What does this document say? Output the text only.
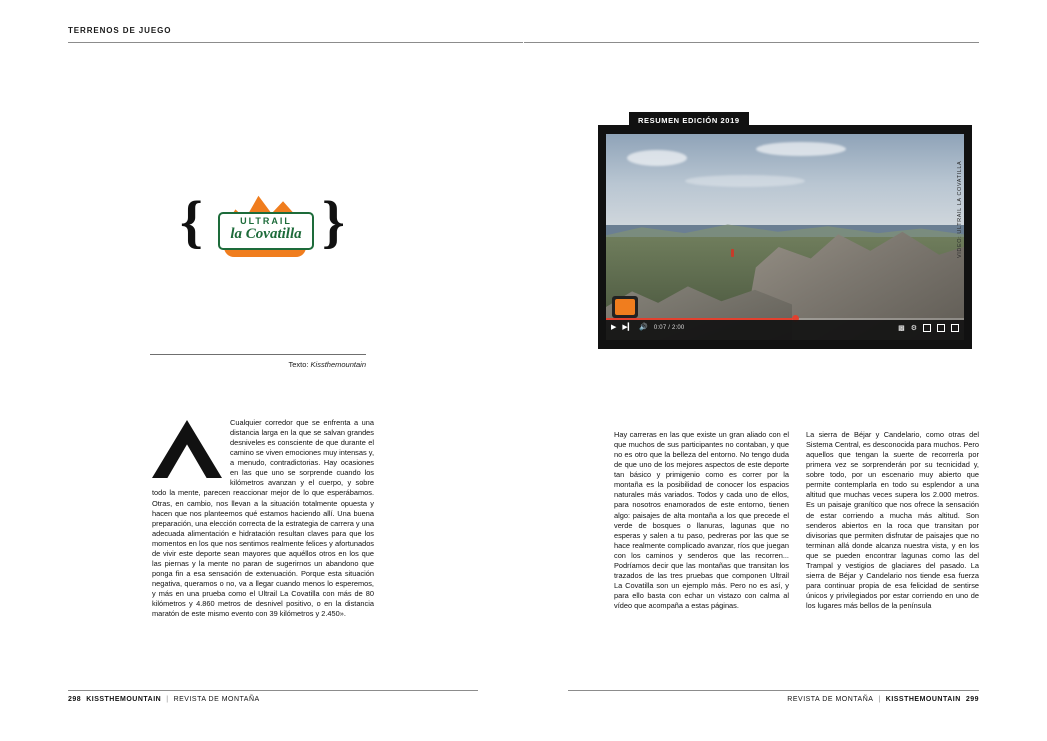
TERRENOS DE JUEGO
{ }
$^{20}$20
ULTRAIL
la Covatilla
Texto: Kissthemountain
RESUMEN EDICIÓN 2019
▶ ▶▎ 🔊 0:07 / 2:00	▩ ⚙
VIDEO: ULTRAIL LA COVATILLA

Cualquier corredor que se enfrenta a una distancia larga en la que se salvan grandes desniveles es consciente de que durante el camino se viven emociones muy intensas y, a menudo, contradictorias. Hay ocasiones en las que uno se sorprende cuando los kilómetros avanzan y el cuerpo, y sobre todo la mente, parecen reaccionar mejor de lo que esperábamos. Otras, en cambio, nos llevan a la situación totalmente opuesta y hacen que nos planteemos qué estamos haciendo allí. Una buena preparación, una elección correcta de la estrategia de carrera y una adecuada alimentación e hidratación resultan claves para que los momentos en los que nos sentimos realmente felices y afortunados de vivir este deporte sean mayores que aquéllos otros en los que las piernas y la mente no paran de sugerirnos un abandono que ponga fin a esa sensación de extenuación. Porque esta situación negativa, queramos o no, va a llegar cuando menos lo esperemos, y más en una prueba como el Ultrail La Covatilla con más de 80 kilómetros y 4.860 metros de desnivel positivo, o en la distancia maratón de este mismo evento con 39 kilómetros y 2.450».

Hay carreras en las que existe un gran aliado con el que muchos de sus participantes no contaban, y que no es otro que la belleza del entorno. No tengo duda de que uno de los mejores aspectos de este deporte tan básico y primigenio como es correr por la montaña es la posibilidad de conocer los espacios naturales más variados. Todos y cada uno de ellos, para nosotros enamorados de este entorno, tienen algo: paisajes de alta montaña a los que precede el verde de bosques o llanuras, lagunas que no esperas y salen a tu paso, pedreras por las que se hace realmente complicado avanzar, ríos que juegan con los caminos y senderos que las recorren... Podríamos decir que las montañas que transitan los trazados de las tres pruebas que componen Ultrail La Covatilla son un ejemplo más. Pero no es así, y para ello basta con echar un vistazo con calma al vídeo que acompaña a estas páginas.

La sierra de Béjar y Candelario, como otras del Sistema Central, es desconocida para muchos. Pero aquellos que tengan la suerte de recorrerla por primera vez se sorprenderán por su tecnicidad y, sobre todo, por un escenario muy abierto que permite contemplarla en todo su esplendor a una altitud que muchas veces supera los 2.000 metros. Es un paisaje granítico que nos ofrece la sensación de estar corriendo a mucha más altitud. Son senderos abiertos en la roca que transitan por divisorias que permiten disfrutar de paisajes que no terminan allá donde alcanza nuestra vista, y en los que se pueden encontrar lagunas como las del Trampal y vestigios de glaciares del pasado. La sierra de Béjar y Candelario nos tiende esa fuerza para continuar propia de esa felicidad de sentirse únicos y privilegiados por estar corriendo en uno de los lugares más bellos de la península

298 KISSTHEMOUNTAIN | REVISTA DE MONTAÑA	REVISTA DE MONTAÑA | KISSTHEMOUNTAIN 299
